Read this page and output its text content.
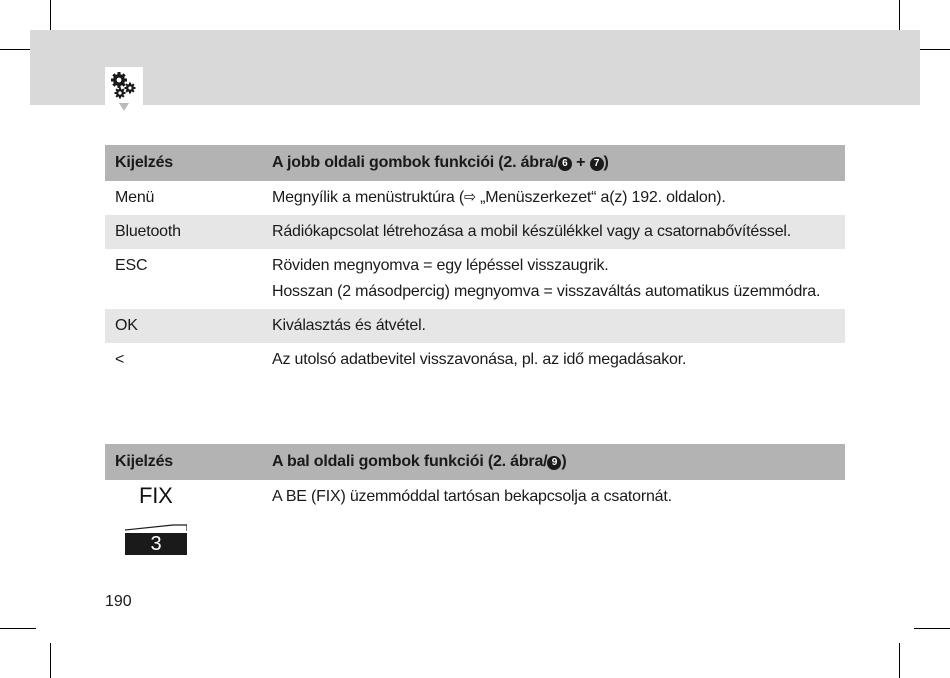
Kijelzés	A jobb oldali gombok funkciói (2. ábra/ 6 + 7 )
Menü	Megnyílik a menüstruktúra (⇨ „Menüszerkezet“ a(z) 192. oldalon).
Bluetooth	Rádiókapcsolat létrehozása a mobil készülékkel vagy a csatornabővítéssel.
ESC	Röviden megnyomva = egy lépéssel visszaugrik.

Hosszan (2 másodpercig) megnyomva = visszaváltás automatikus üzemmódra.

OK	Kiválasztás és átvétel.
<	Az utolsó adatbevitel visszavonása, pl. az idő megadásakor.
Kijelzés	A bal oldali gombok funkciói (2. ábra/ 9 )

FIX
3	A BE (FIX) üzemmóddal tartósan bekapcsolja a csatornát.
190
